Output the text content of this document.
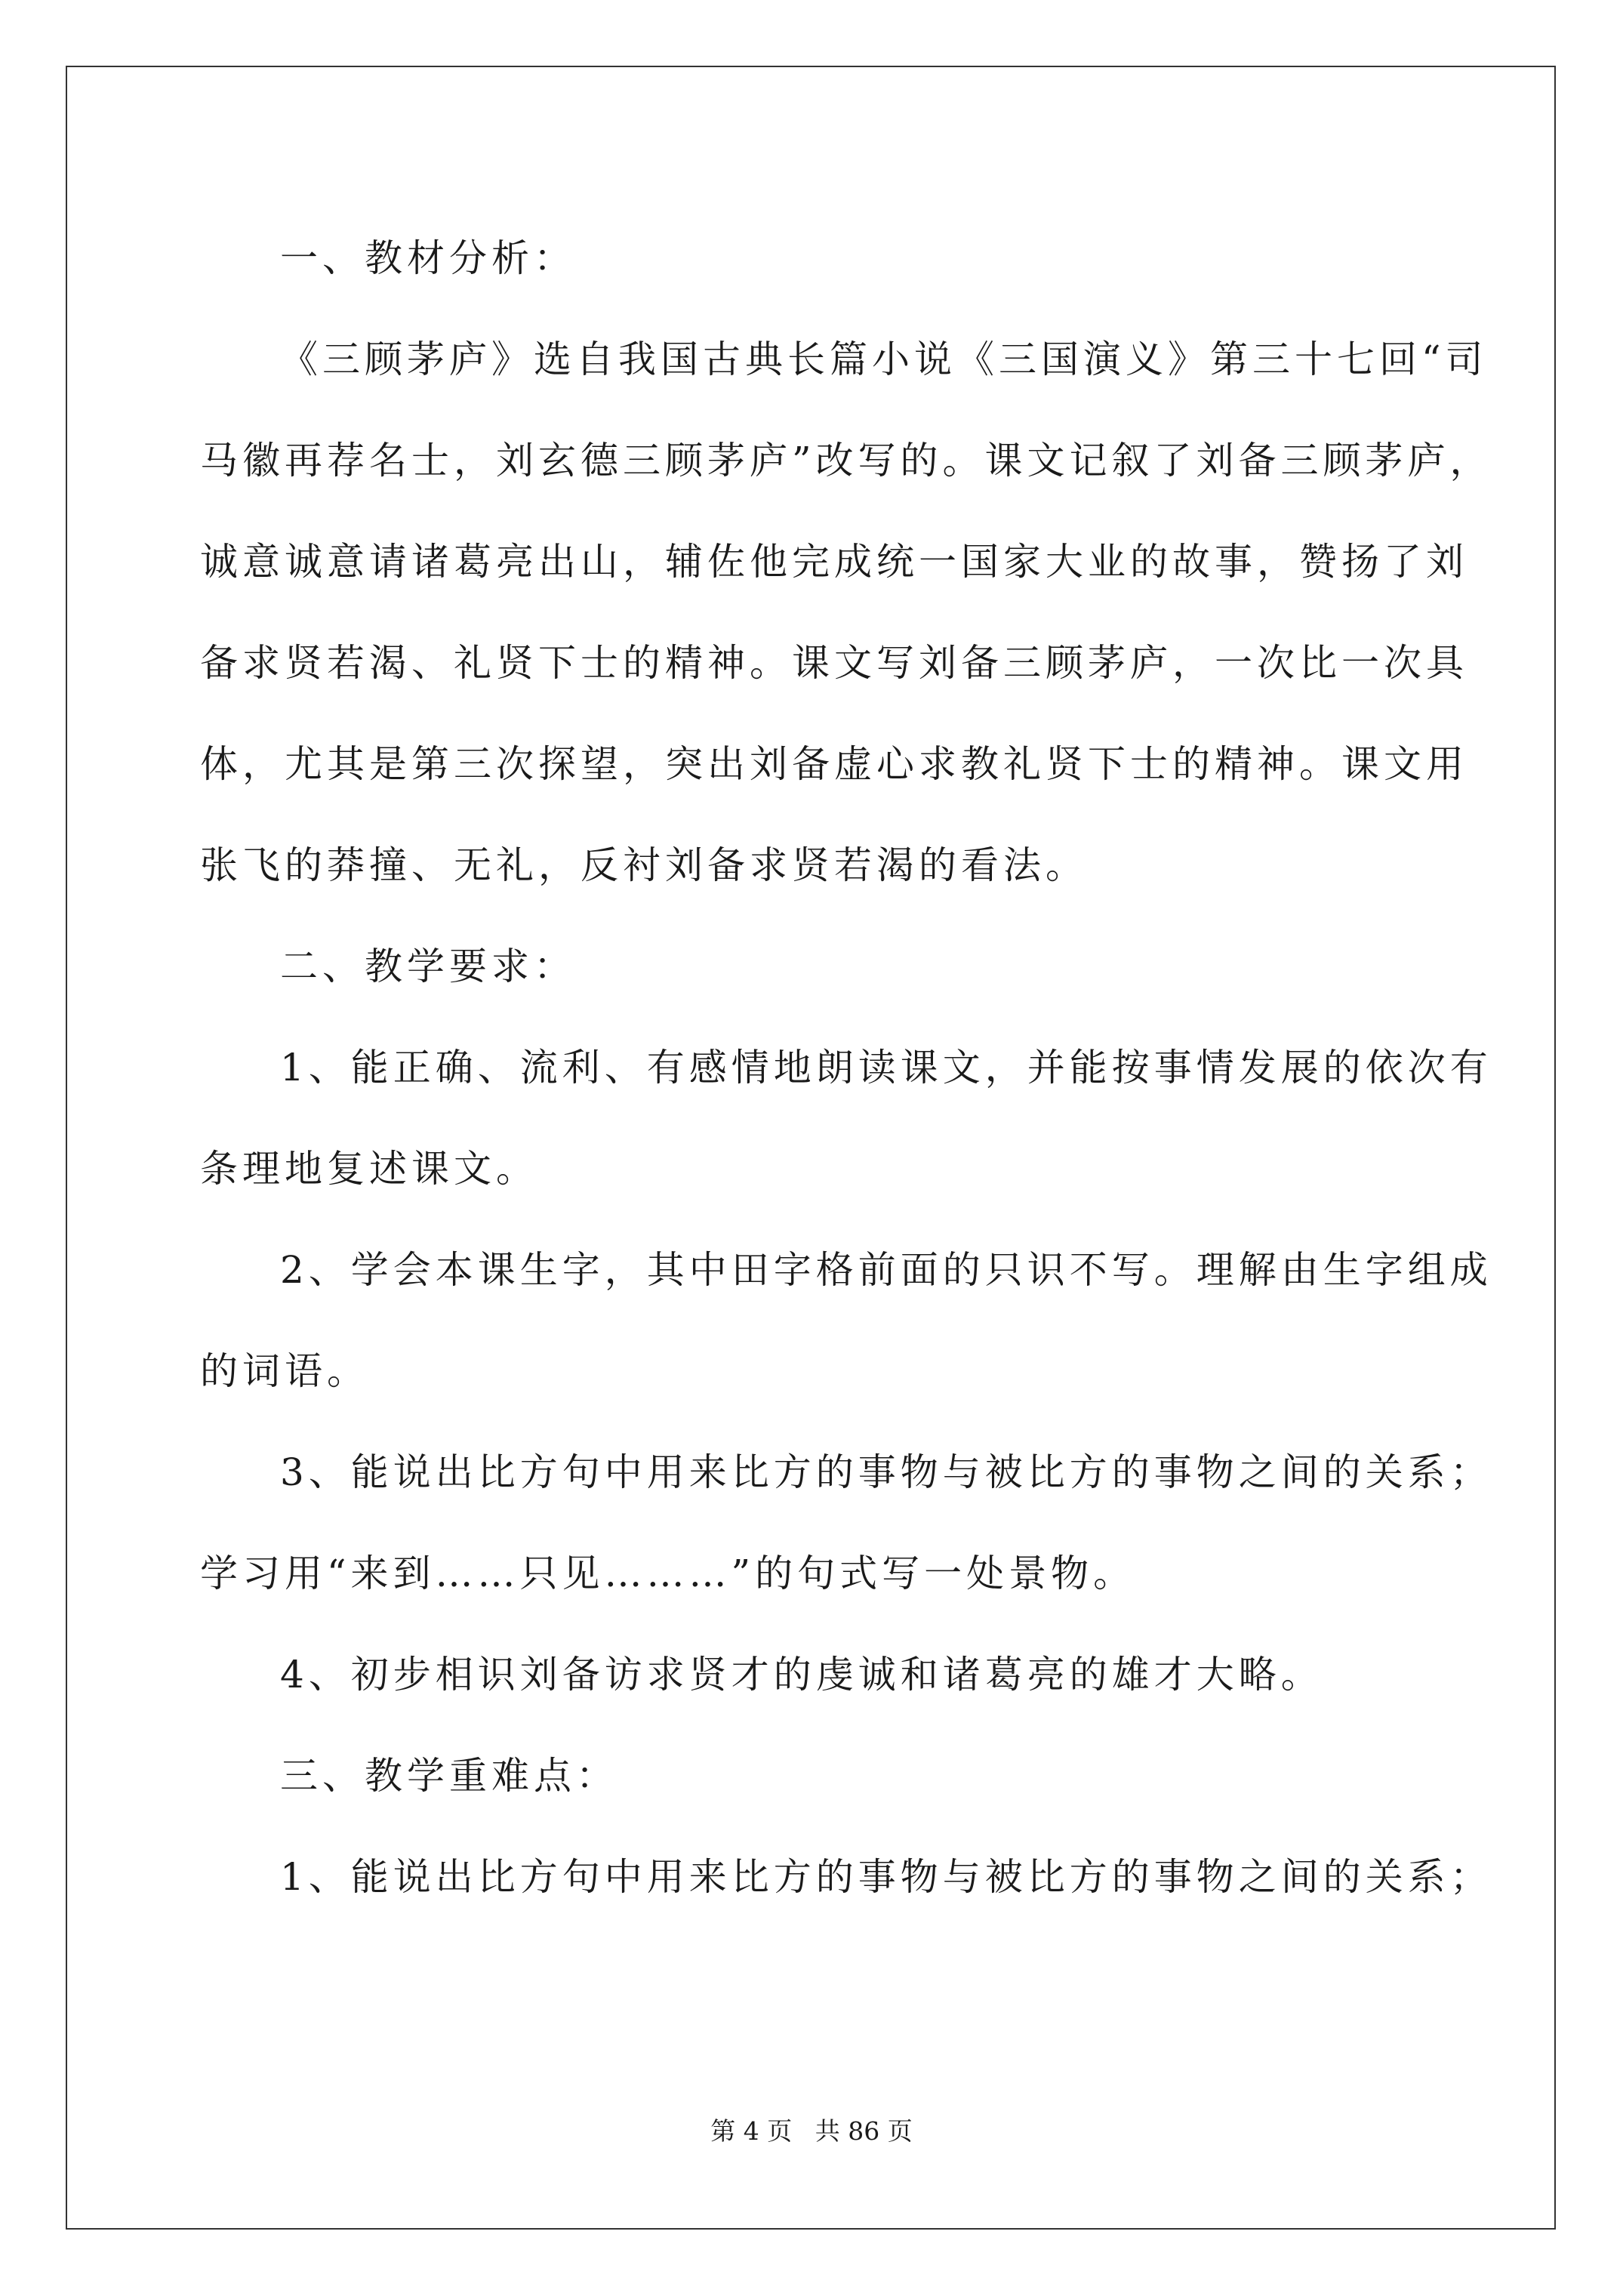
一、教材分析：
《三顾茅庐》选自我国古典长篇小说《三国演义》第三十七回“司
马徽再荐名士，刘玄德三顾茅庐”改写的。课文记叙了刘备三顾茅庐，
诚意诚意请诸葛亮出山，辅佐他完成统一国家大业的故事，赞扬了刘
备求贤若渴、礼贤下士的精神。课文写刘备三顾茅庐，一次比一次具
体，尤其是第三次探望，突出刘备虚心求教礼贤下士的精神。课文用
张飞的莽撞、无礼，反衬刘备求贤若渴的看法。
二、教学要求：
1、能正确、流利、有感情地朗读课文，并能按事情发展的依次有
条理地复述课文。
2、学会本课生字，其中田字格前面的只识不写。理解由生字组成
的词语。
3、能说出比方句中用来比方的事物与被比方的事物之间的关系；
学习用“来到……只见………”的句式写一处景物。
4、初步相识刘备访求贤才的虔诚和诸葛亮的雄才大略。
三、教学重难点：
1、能说出比方句中用来比方的事物与被比方的事物之间的关系；
第 4 页 共 86 页
